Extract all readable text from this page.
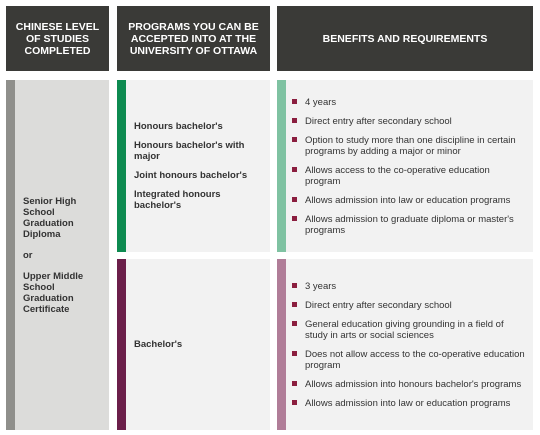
CHINESE LEVEL OF STUDIES COMPLETED
PROGRAMS YOU CAN BE ACCEPTED INTO AT THE UNIVERSITY OF OTTAWA
BENEFITS AND REQUIREMENTS
Senior High School Graduation Diploma
or
Upper Middle School Graduation Certificate
Honours bachelor's
Honours bachelor's with major
Joint honours bachelor's
Integrated honours bachelor's
4 years
Direct entry after secondary school
Option to study more than one discipline in certain programs by adding a major or minor
Allows access to the co-operative education program
Allows admission into law or education programs
Allows admission to graduate diploma or master's programs
Bachelor's
3 years
Direct entry after secondary school
General education giving grounding in a field of study in arts or social sciences
Does not allow access to the co-operative education program
Allows admission into honours bachelor's programs
Allows admission into law or education programs
